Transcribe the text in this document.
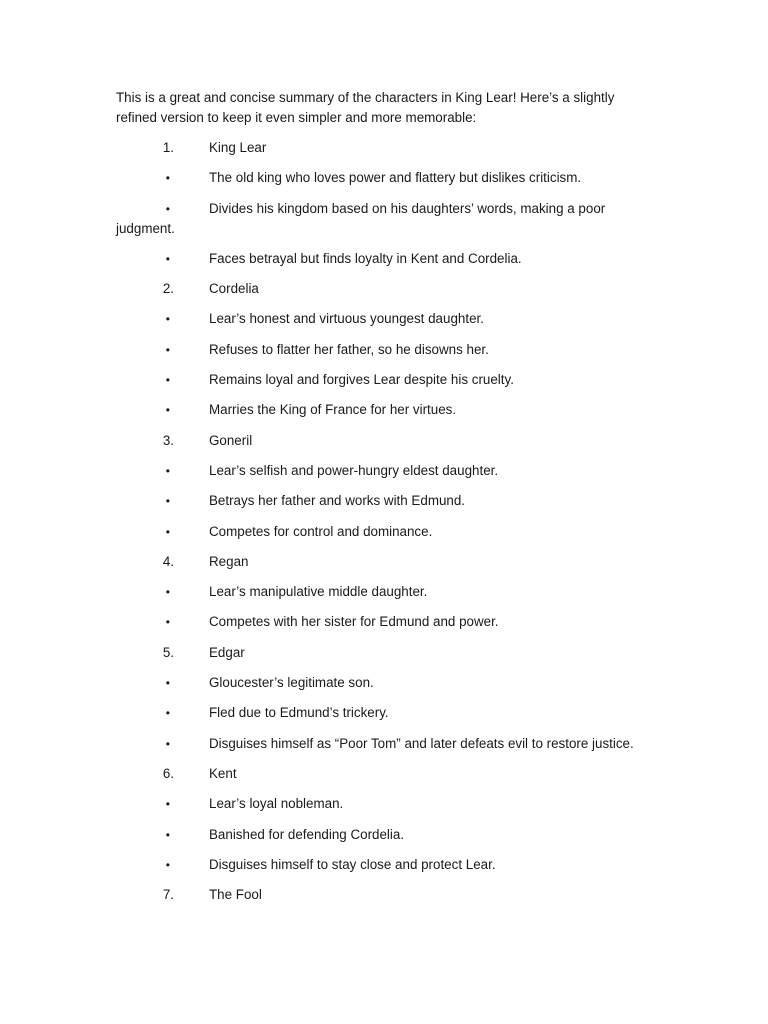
This is a great and concise summary of the characters in King Lear! Here’s a slightly refined version to keep it even simpler and more memorable:

1.	King Lear
•	The old king who loves power and flattery but dislikes criticism.
•	Divides his kingdom based on his daughters’ words, making a poor judgment.
•	Faces betrayal but finds loyalty in Kent and Cordelia.
2.	Cordelia
•	Lear’s honest and virtuous youngest daughter.
•	Refuses to flatter her father, so he disowns her.
•	Remains loyal and forgives Lear despite his cruelty.
•	Marries the King of France for her virtues.
3.	Goneril
•	Lear’s selfish and power-hungry eldest daughter.
•	Betrays her father and works with Edmund.
•	Competes for control and dominance.
4.	Regan
•	Lear’s manipulative middle daughter.
•	Competes with her sister for Edmund and power.
5.	Edgar
•	Gloucester’s legitimate son.
•	Fled due to Edmund’s trickery.
•	Disguises himself as “Poor Tom” and later defeats evil to restore justice.
6.	Kent
•	Lear’s loyal nobleman.
•	Banished for defending Cordelia.
•	Disguises himself to stay close and protect Lear.
7.	The Fool
